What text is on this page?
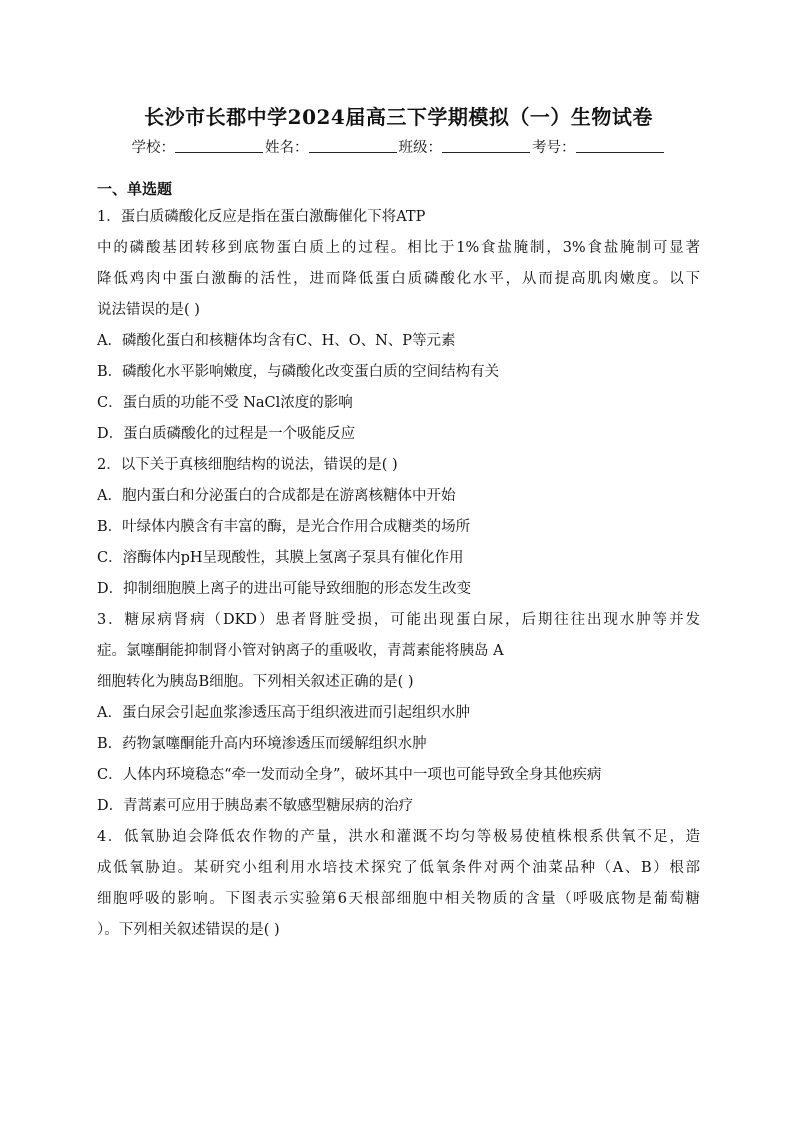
长沙市长郡中学2024届高三下学期模拟（一）生物试卷
学校：	姓名：	班级：	考号：
一、单选题
1．蛋白质磷酸化反应是指在蛋白激酶催化下将ATP
中的磷酸基团转移到底物蛋白质上的过程。相比于1%食盐腌制，3%食盐腌制可显著
降低鸡肉中蛋白激酶的活性，进而降低蛋白质磷酸化水平，从而提高肌肉嫩度。以下
说法错误的是( )
A．磷酸化蛋白和核糖体均含有C、H、O、N、P等元素
B．磷酸化水平影响嫩度，与磷酸化改变蛋白质的空间结构有关
C．蛋白质的功能不受 NaCl浓度的影响
D．蛋白质磷酸化的过程是一个吸能反应
2．以下关于真核细胞结构的说法，错误的是( )
A．胞内蛋白和分泌蛋白的合成都是在游离核糖体中开始
B．叶绿体内膜含有丰富的酶，是光合作用合成糖类的场所
C．溶酶体内pH呈现酸性，其膜上氢离子泵具有催化作用
D．抑制细胞膜上离子的进出可能导致细胞的形态发生改变
3．糖尿病肾病（DKD）患者肾脏受损，可能出现蛋白尿，后期往往出现水肿等并发
症。氯噻酮能抑制肾小管对钠离子的重吸收，青蒿素能将胰岛 A
细胞转化为胰岛B细胞。下列相关叙述正确的是( )
A．蛋白尿会引起血浆渗透压高于组织液进而引起组织水肿
B．药物氯噻酮能升高内环境渗透压而缓解组织水肿
C．人体内环境稳态“牵一发而动全身”，破坏其中一项也可能导致全身其他疾病
D．青蒿素可应用于胰岛素不敏感型糖尿病的治疗
4．低氧胁迫会降低农作物的产量，洪水和灌溉不均匀等极易使植株根系供氧不足，造
成低氧胁迫。某研究小组利用水培技术探究了低氧条件对两个油菜品种（A、B）根部
细胞呼吸的影响。下图表示实验第6天根部细胞中相关物质的含量（呼吸底物是葡萄糖
）。下列相关叙述错误的是( )
